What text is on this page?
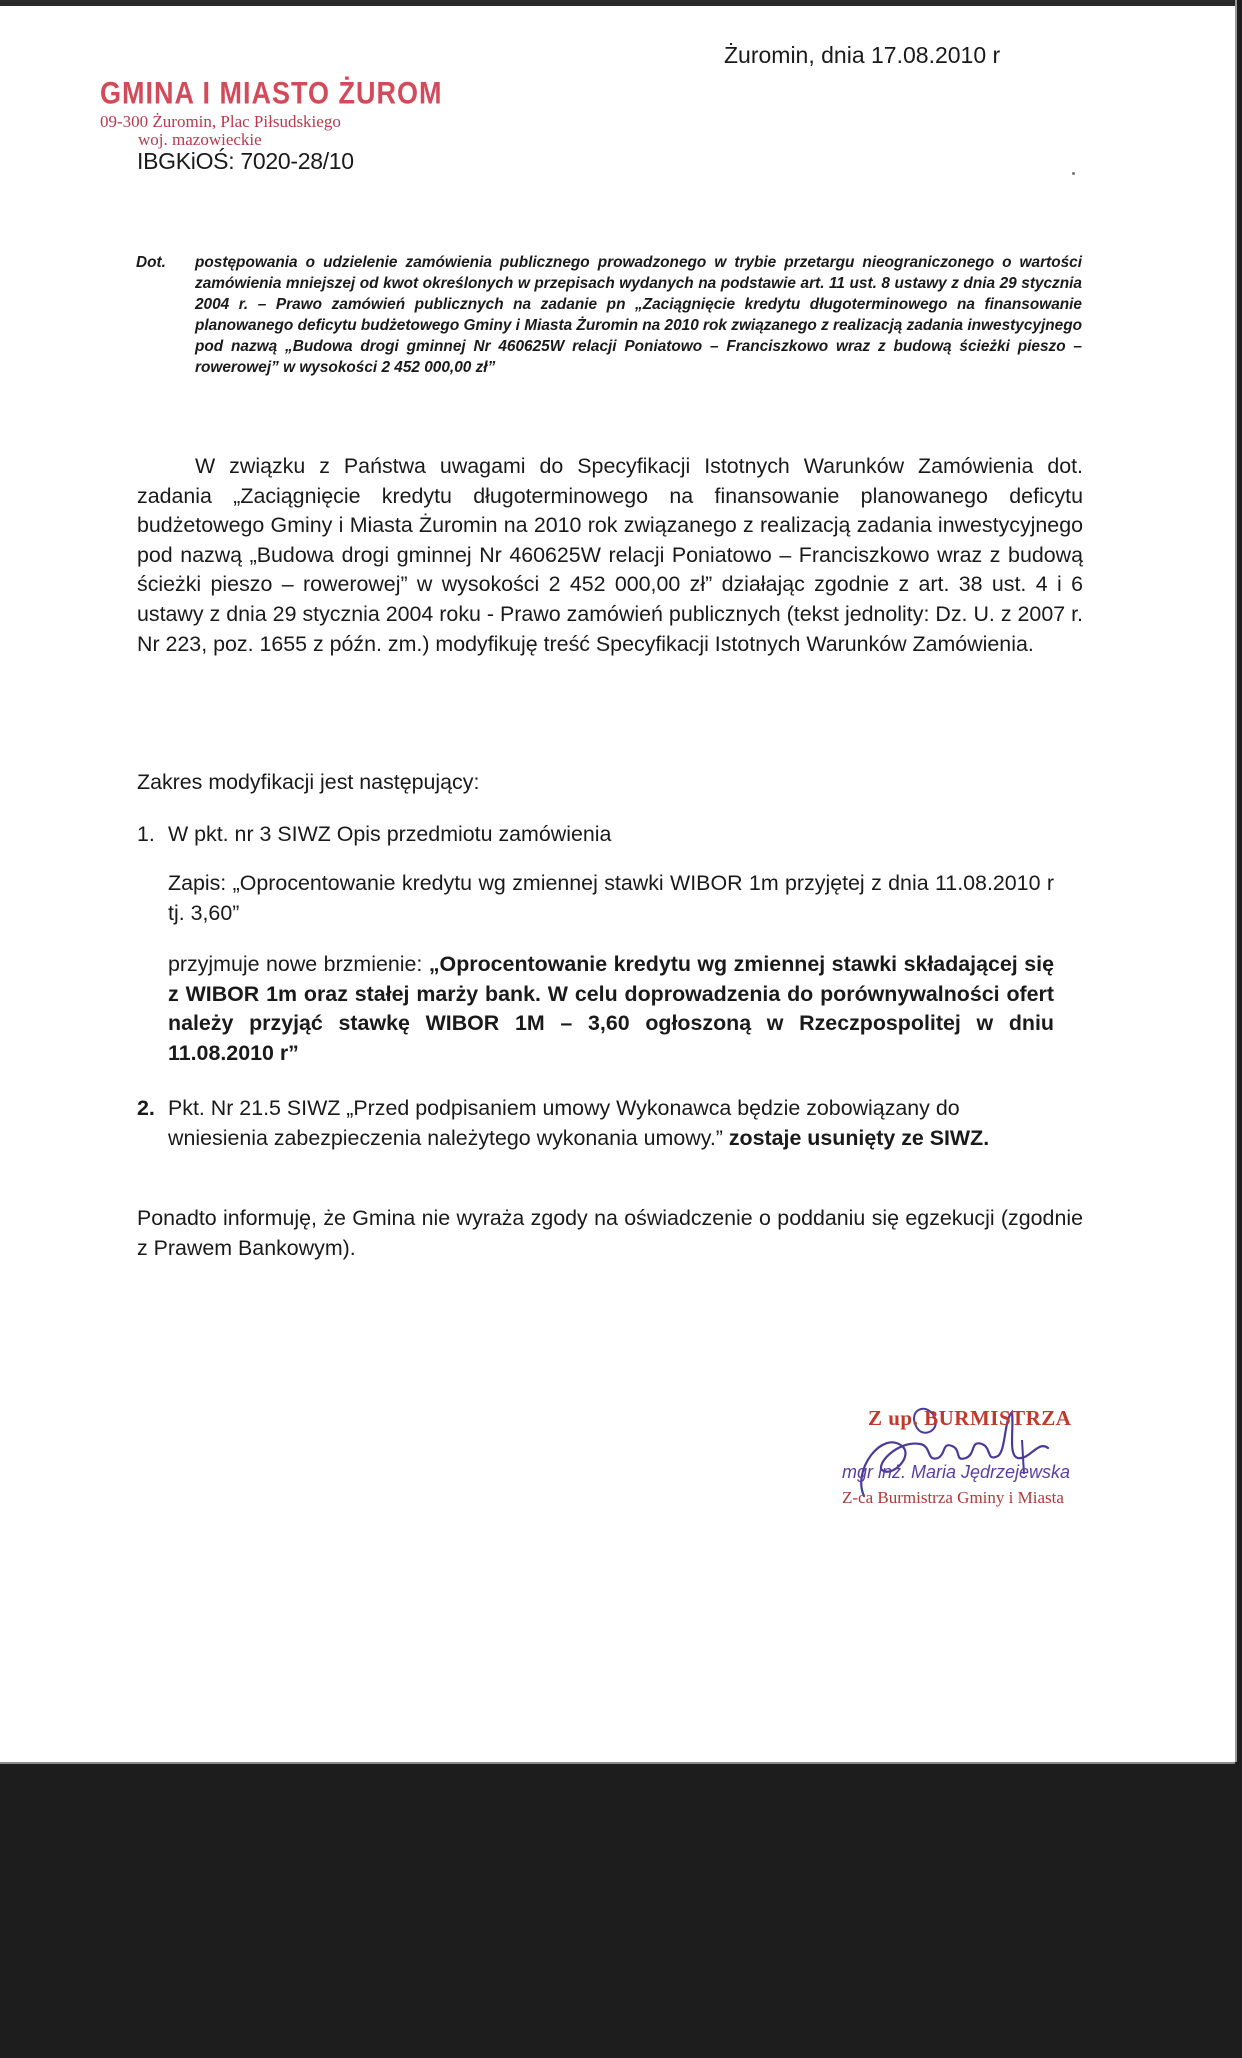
Żuromin, dnia 17.08.2010 r

GMINA I MIASTO ŻUROM
09-300 Żuromin, Plac Piłsudskiego
woj. mazowieckie

IBGKiOŚ: 7020-28/10

Dot. postępowania o udzielenie zamówienia publicznego prowadzonego w trybie przetargu nieograniczonego o wartości zamówienia mniejszej od kwot określonych w przepisach wydanych na podstawie art. 11 ust. 8 ustawy z dnia 29 stycznia 2004 r. – Prawo zamówień publicznych na zadanie pn „Zaciągnięcie kredytu długoterminowego na finansowanie planowanego deficytu budżetowego Gminy i Miasta Żuromin na 2010 rok związanego z realizacją zadania inwestycyjnego pod nazwą „Budowa drogi gminnej Nr 460625W relacji Poniatowo – Franciszkowo wraz z budową ścieżki pieszo – rowerowej” w wysokości 2 452 000,00 zł”

W związku z Państwa uwagami do Specyfikacji Istotnych Warunków Zamówienia dot. zadania „Zaciągnięcie kredytu długoterminowego na finansowanie planowanego deficytu budżetowego Gminy i Miasta Żuromin na 2010 rok związanego z realizacją zadania inwestycyjnego pod nazwą „Budowa drogi gminnej Nr 460625W relacji Poniatowo – Franciszkowo wraz z budową ścieżki pieszo – rowerowej” w wysokości 2 452 000,00 zł” działając zgodnie z art. 38 ust. 4 i 6 ustawy z dnia 29 stycznia 2004 roku - Prawo zamówień publicznych (tekst jednolity: Dz. U. z 2007 r. Nr 223, poz. 1655 z późn. zm.) modyfikuję treść Specyfikacji Istotnych Warunków Zamówienia.

Zakres modyfikacji jest następujący:

1. W pkt. nr 3 SIWZ Opis przedmiotu zamówienia

Zapis: „Oprocentowanie kredytu wg zmiennej stawki WIBOR 1m przyjętej z dnia 11.08.2010 r tj. 3,60”

przyjmuje nowe brzmienie: „Oprocentowanie kredytu wg zmiennej stawki składającej się z WIBOR 1m oraz stałej marży bank. W celu doprowadzenia do porównywalności ofert należy przyjąć stawkę WIBOR 1M – 3,60 ogłoszoną w Rzeczpospolitej w dniu 11.08.2010 r”

2. Pkt. Nr 21.5 SIWZ „Przed podpisaniem umowy Wykonawca będzie zobowiązany do wniesienia zabezpieczenia należytego wykonania umowy.” zostaje usunięty ze SIWZ.

Ponadto informuję, że Gmina nie wyraża zgody na oświadczenie o poddaniu się egzekucji (zgodnie z Prawem Bankowym).

Z up. BURMISTRZA
mgr inż. Maria Jędrzejewska
Z-ca Burmistrza Gminy i Miasta
